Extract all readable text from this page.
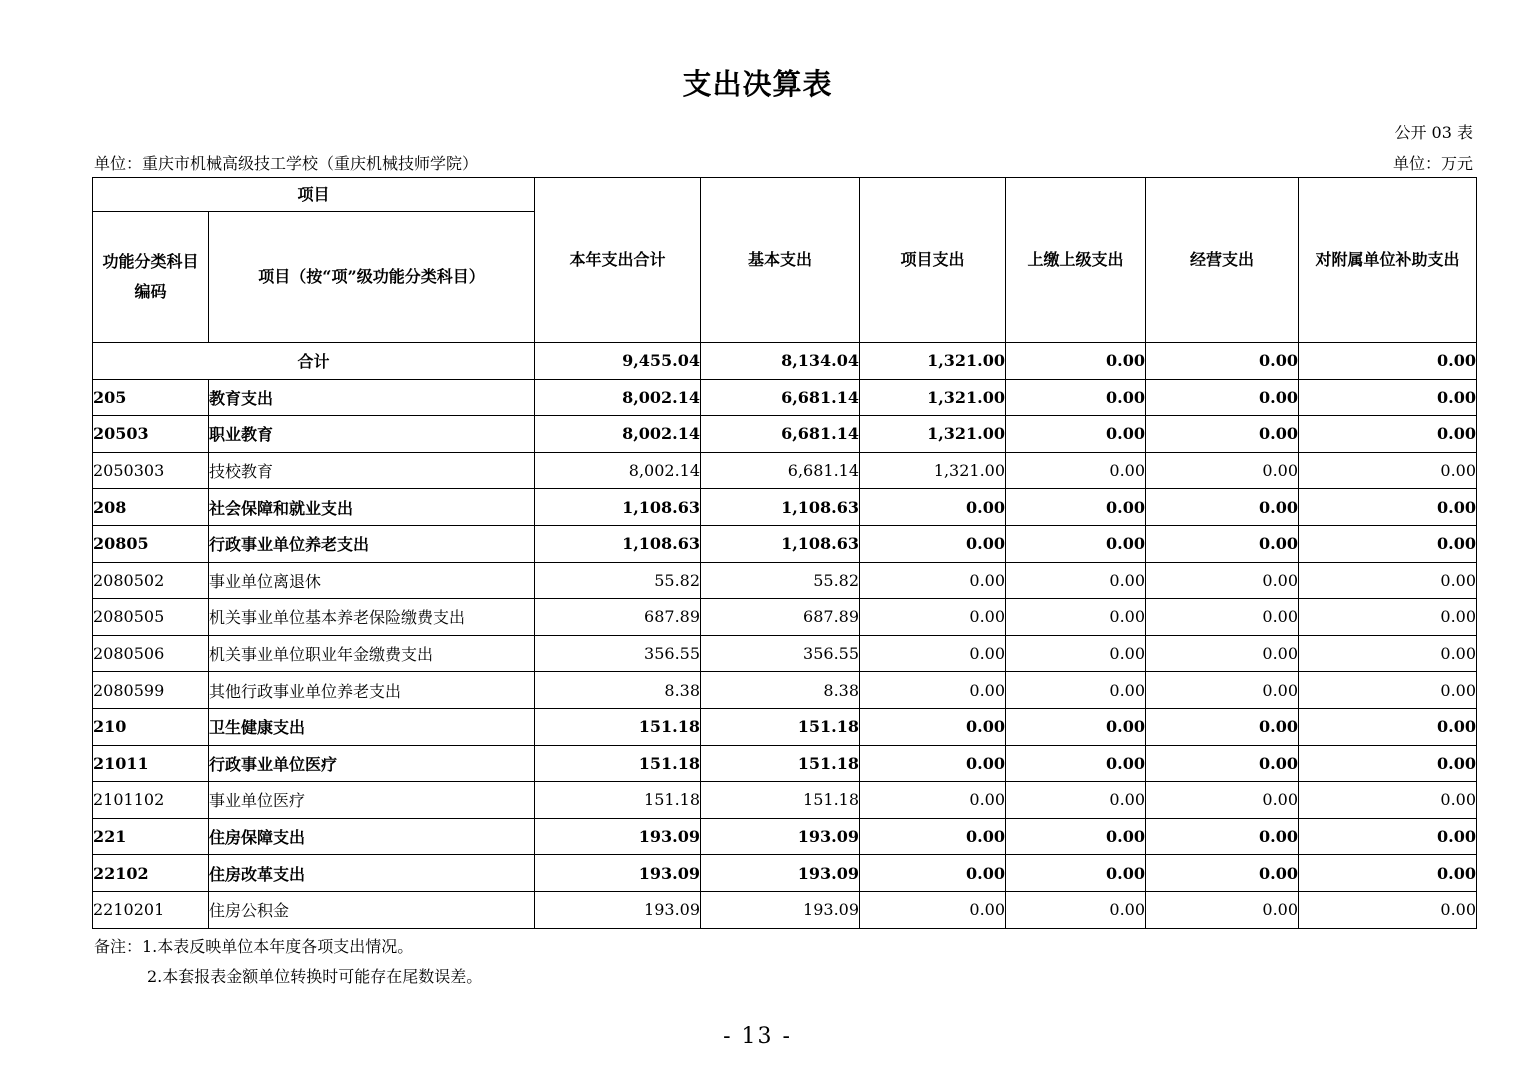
支出决算表
公开 03 表
单位：重庆市机械高级技工学校（重庆机械技师学院）	单位：万元
项目		本年支出合计	基本支出	项目支出	上缴上级支出	经营支出	对附属单位补助支出
功能分类科目编码	项目（按“项”级功能分类科目）						
合计		9,455.04	8,134.04	1,321.00	0.00	0.00	0.00
205	教育支出	8,002.14	6,681.14	1,321.00	0.00	0.00	0.00
20503	职业教育	8,002.14	6,681.14	1,321.00	0.00	0.00	0.00
2050303	技校教育	8,002.14	6,681.14	1,321.00	0.00	0.00	0.00
208	社会保障和就业支出	1,108.63	1,108.63	0.00	0.00	0.00	0.00
20805	行政事业单位养老支出	1,108.63	1,108.63	0.00	0.00	0.00	0.00
2080502	事业单位离退休	55.82	55.82	0.00	0.00	0.00	0.00
2080505	机关事业单位基本养老保险缴费支出	687.89	687.89	0.00	0.00	0.00	0.00
2080506	机关事业单位职业年金缴费支出	356.55	356.55	0.00	0.00	0.00	0.00
2080599	其他行政事业单位养老支出	8.38	8.38	0.00	0.00	0.00	0.00
210	卫生健康支出	151.18	151.18	0.00	0.00	0.00	0.00
21011	行政事业单位医疗	151.18	151.18	0.00	0.00	0.00	0.00
2101102	事业单位医疗	151.18	151.18	0.00	0.00	0.00	0.00
221	住房保障支出	193.09	193.09	0.00	0.00	0.00	0.00
22102	住房改革支出	193.09	193.09	0.00	0.00	0.00	0.00
2210201	住房公积金	193.09	193.09	0.00	0.00	0.00	0.00
备注：1.本表反映单位本年度各项支出情况。
2.本套报表金额单位转换时可能存在尾数误差。
- 13 -
